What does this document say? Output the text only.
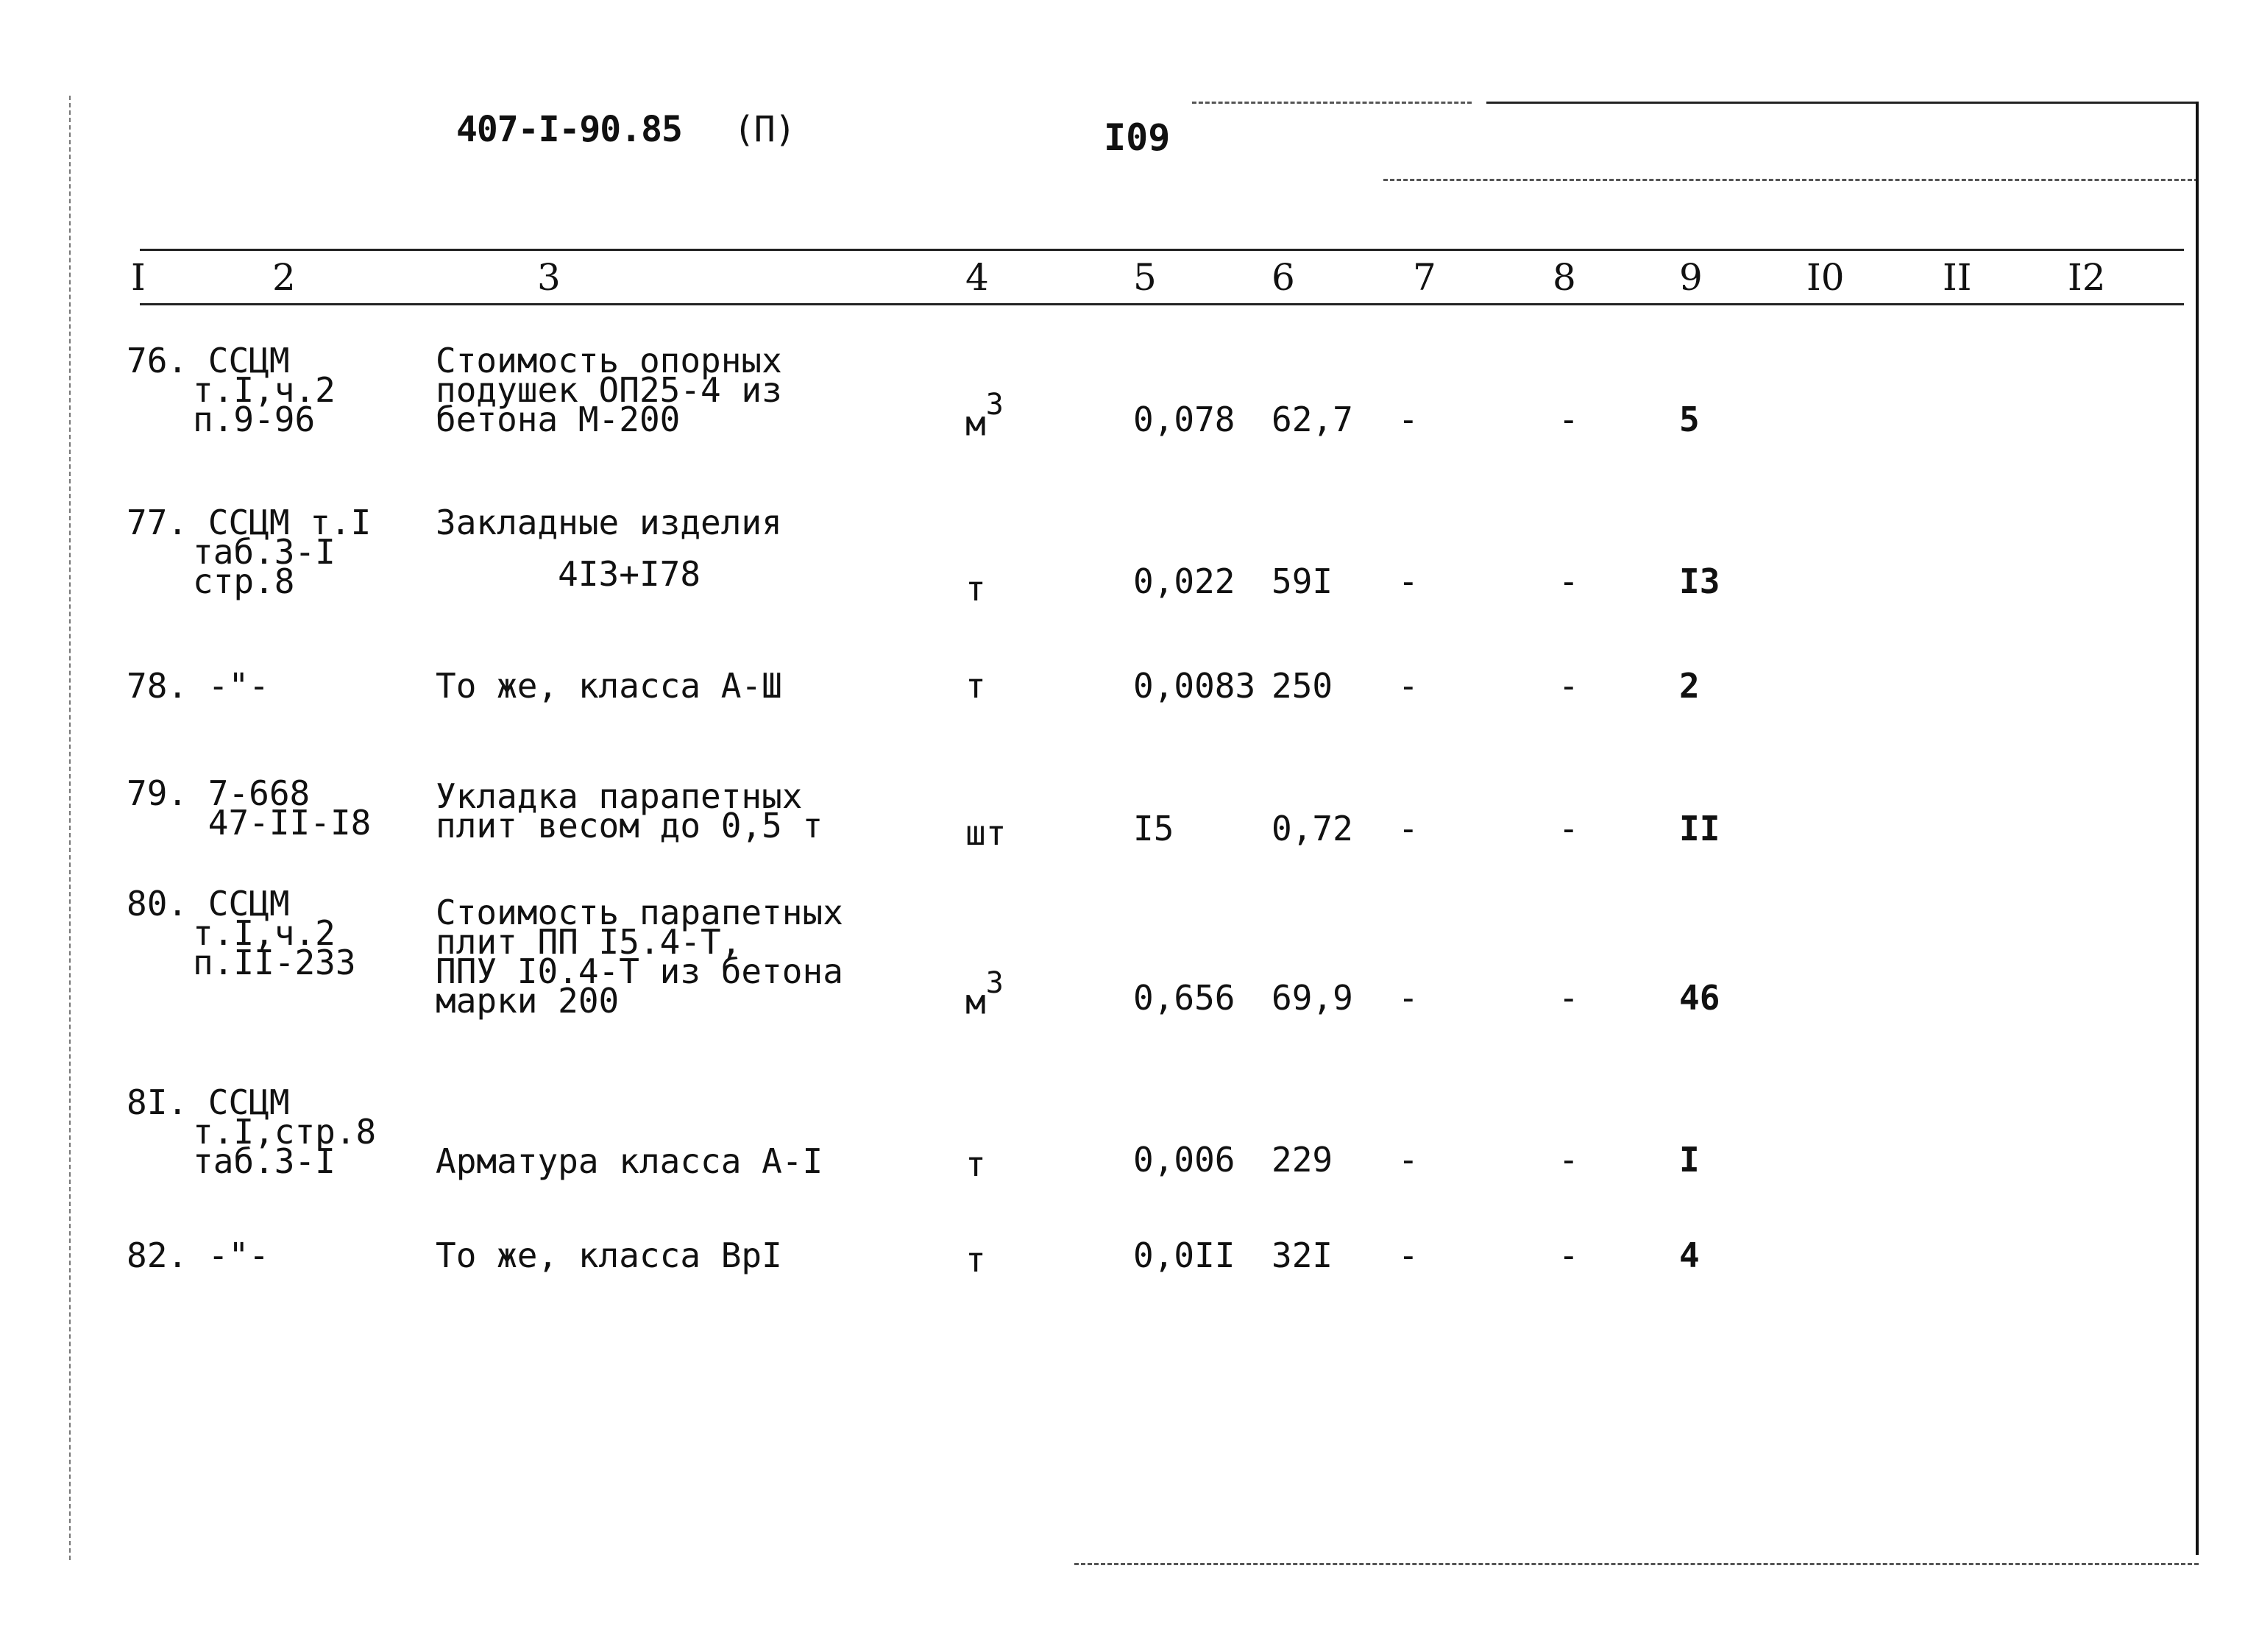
407-I-90.85 (П)	I09
I	2	3	4	5	6	7	8	9	I0	II	I2
76. ССЦМ
т.I,ч.2
п.9-96
Стоимость опорных
подушек ОП25-4 из
бетона М-200	$м^3$	0,078 62,7 -	-	5
77. ССЦМ т.I
таб.3-I
стр.8
Закладные изделия
4I3+I78	т	0,022 59I -	-	I3
78. -"-	То же, класса А-Ш	т	0,0083 250 -	-	2
79. 7-668
47-II-I8
Укладка парапетных
плит весом до 0,5 т	шт	I5	0,72 -	-	II
80. ССЦМ
т.I,ч.2
п.II-233
Стоимость парапетных
плит ПП I5.4-Т,
ППУ I0.4-Т из бетона
марки 200	$м^3$	0,656 69,9 -	-	46
8I. ССЦМ
т.I,стр.8
таб.3-I	Арматура класса А-I	т	0,006 229 -	-	I
82. -"-	То же, класса ВрI	т	0,0II 32I -	-	4
